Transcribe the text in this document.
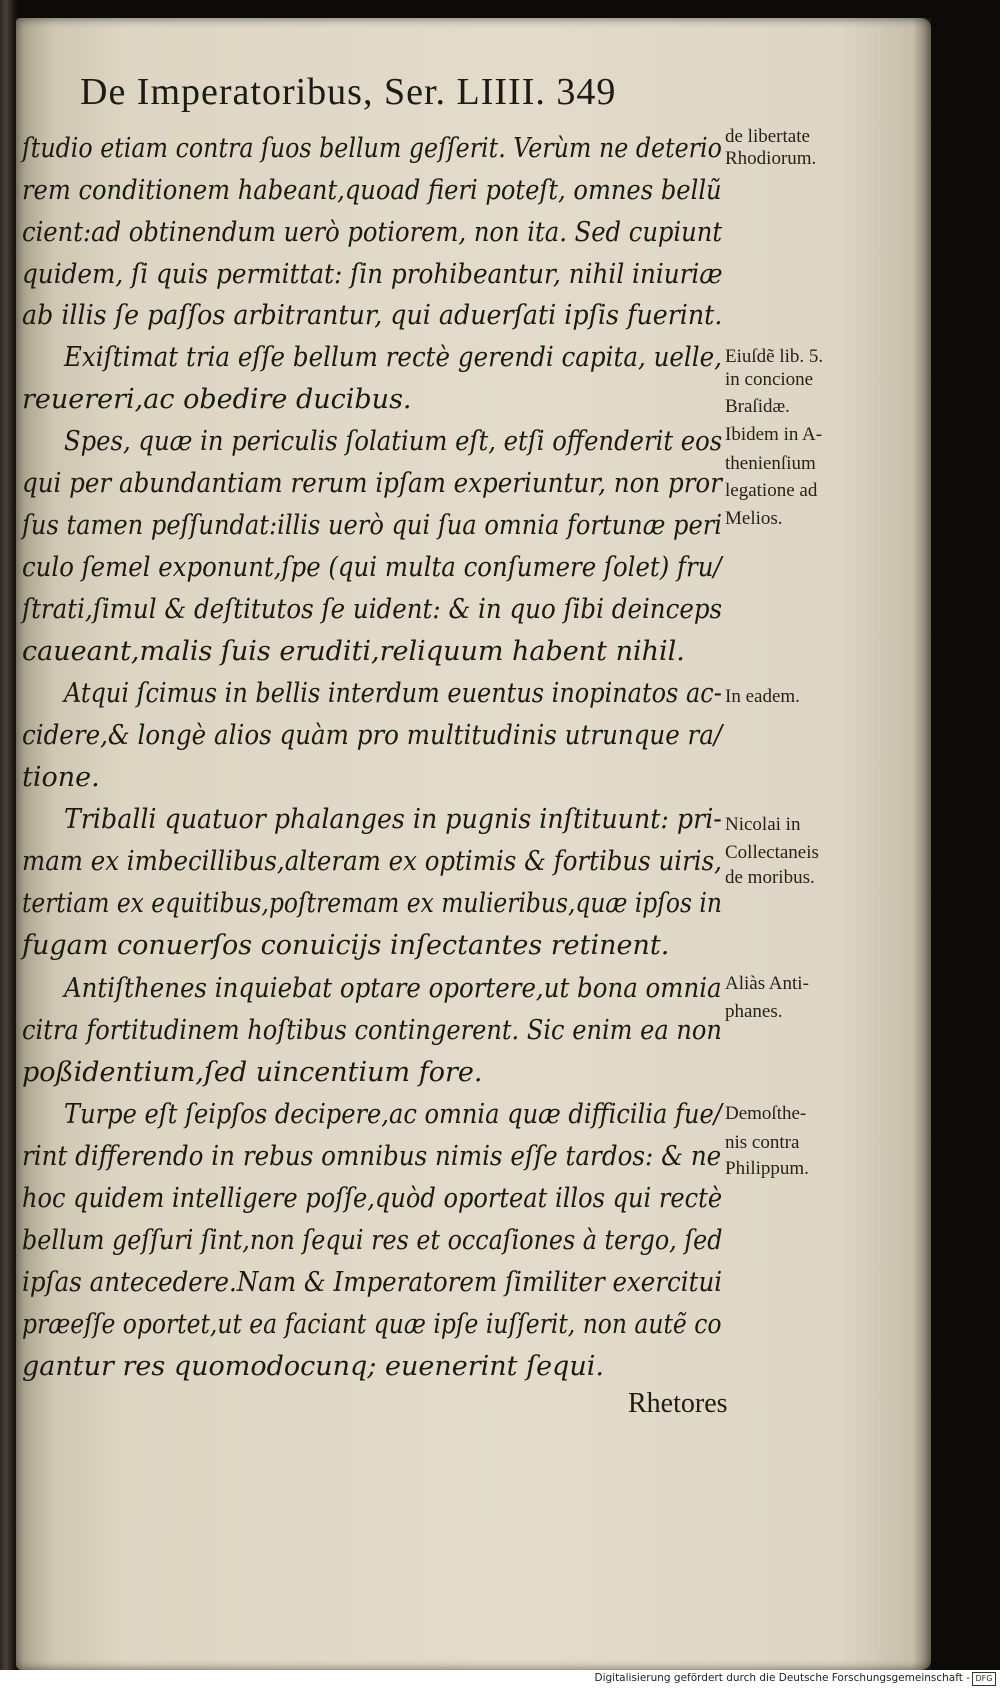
De Imperatoribus, Ser. LIIII. 349
ſtudio etiam contra ſuos bellum geſſerit. Verùm ne deterio
rem conditionem habeant,quoad fieri poteſt, omnes bellũ
cient:ad obtinendum uerò potiorem, non ita. Sed cupiunt
quidem, ſi quis permittat: ſin prohibeantur, nihil iniuriæ
ab illis ſe paſſos arbitrantur, qui aduerſati ipſis fuerint.
Exiſtimat tria eſſe bellum rectè gerendi capita, uelle,
reuereri,ac obedire ducibus.
Spes, quæ in periculis ſolatium eſt, etſi offenderit eos
qui per abundantiam rerum ipſam experiuntur, non pror
ſus tamen peſſundat:illis uerò qui ſua omnia fortunæ peri
culo ſemel exponunt,ſpe (qui multa conſumere ſolet) fru/
ſtrati,ſimul & deſtitutos ſe uident: & in quo ſibi deinceps
caueant,malis ſuis eruditi,reliquum habent nihil.
Atqui ſcimus in bellis interdum euentus inopinatos ac-
cidere,& longè alios quàm pro multitudinis utrunque ra/
tione.
Triballi quatuor phalanges in pugnis inſtituunt: pri-
mam ex imbecillibus,alteram ex optimis & fortibus uiris,
tertiam ex equitibus,poſtremam ex mulieribus,quæ ipſos in
fugam conuerſos conuicijs inſectantes retinent.
Antiſthenes inquiebat optare oportere,ut bona omnia
citra fortitudinem hoſtibus contingerent. Sic enim ea non
poßidentium,ſed uincentium fore.
Turpe eſt ſeipſos decipere,ac omnia quæ difficilia fue/
rint differendo in rebus omnibus nimis eſſe tardos: & ne
hoc quidem intelligere poſſe,quòd oporteat illos qui rectè
bellum geſſuri ſint,non ſequi res et occaſiones à tergo, ſed
ipſas antecedere.Nam & Imperatorem ſimiliter exercitui
præeſſe oportet,ut ea faciant quæ ipſe iuſſerit, non autẽ co
gantur res quomodocunq; euenerint ſequi.
de libertate
Rhodiorum.
Eiuſdẽ lib. 5.
in concione
Braſidæ.
Ibidem in A-
thenienſium
legatione ad
Melios.
In eadem.
Nicolai in
Collectaneis
de moribus.
Aliàs Anti-
phanes.
Demoſthe-
nis contra
Philippum.
Rhetores
Digitalisierung gefördert durch die Deutsche Forschungsgemeinschaft - DFG
